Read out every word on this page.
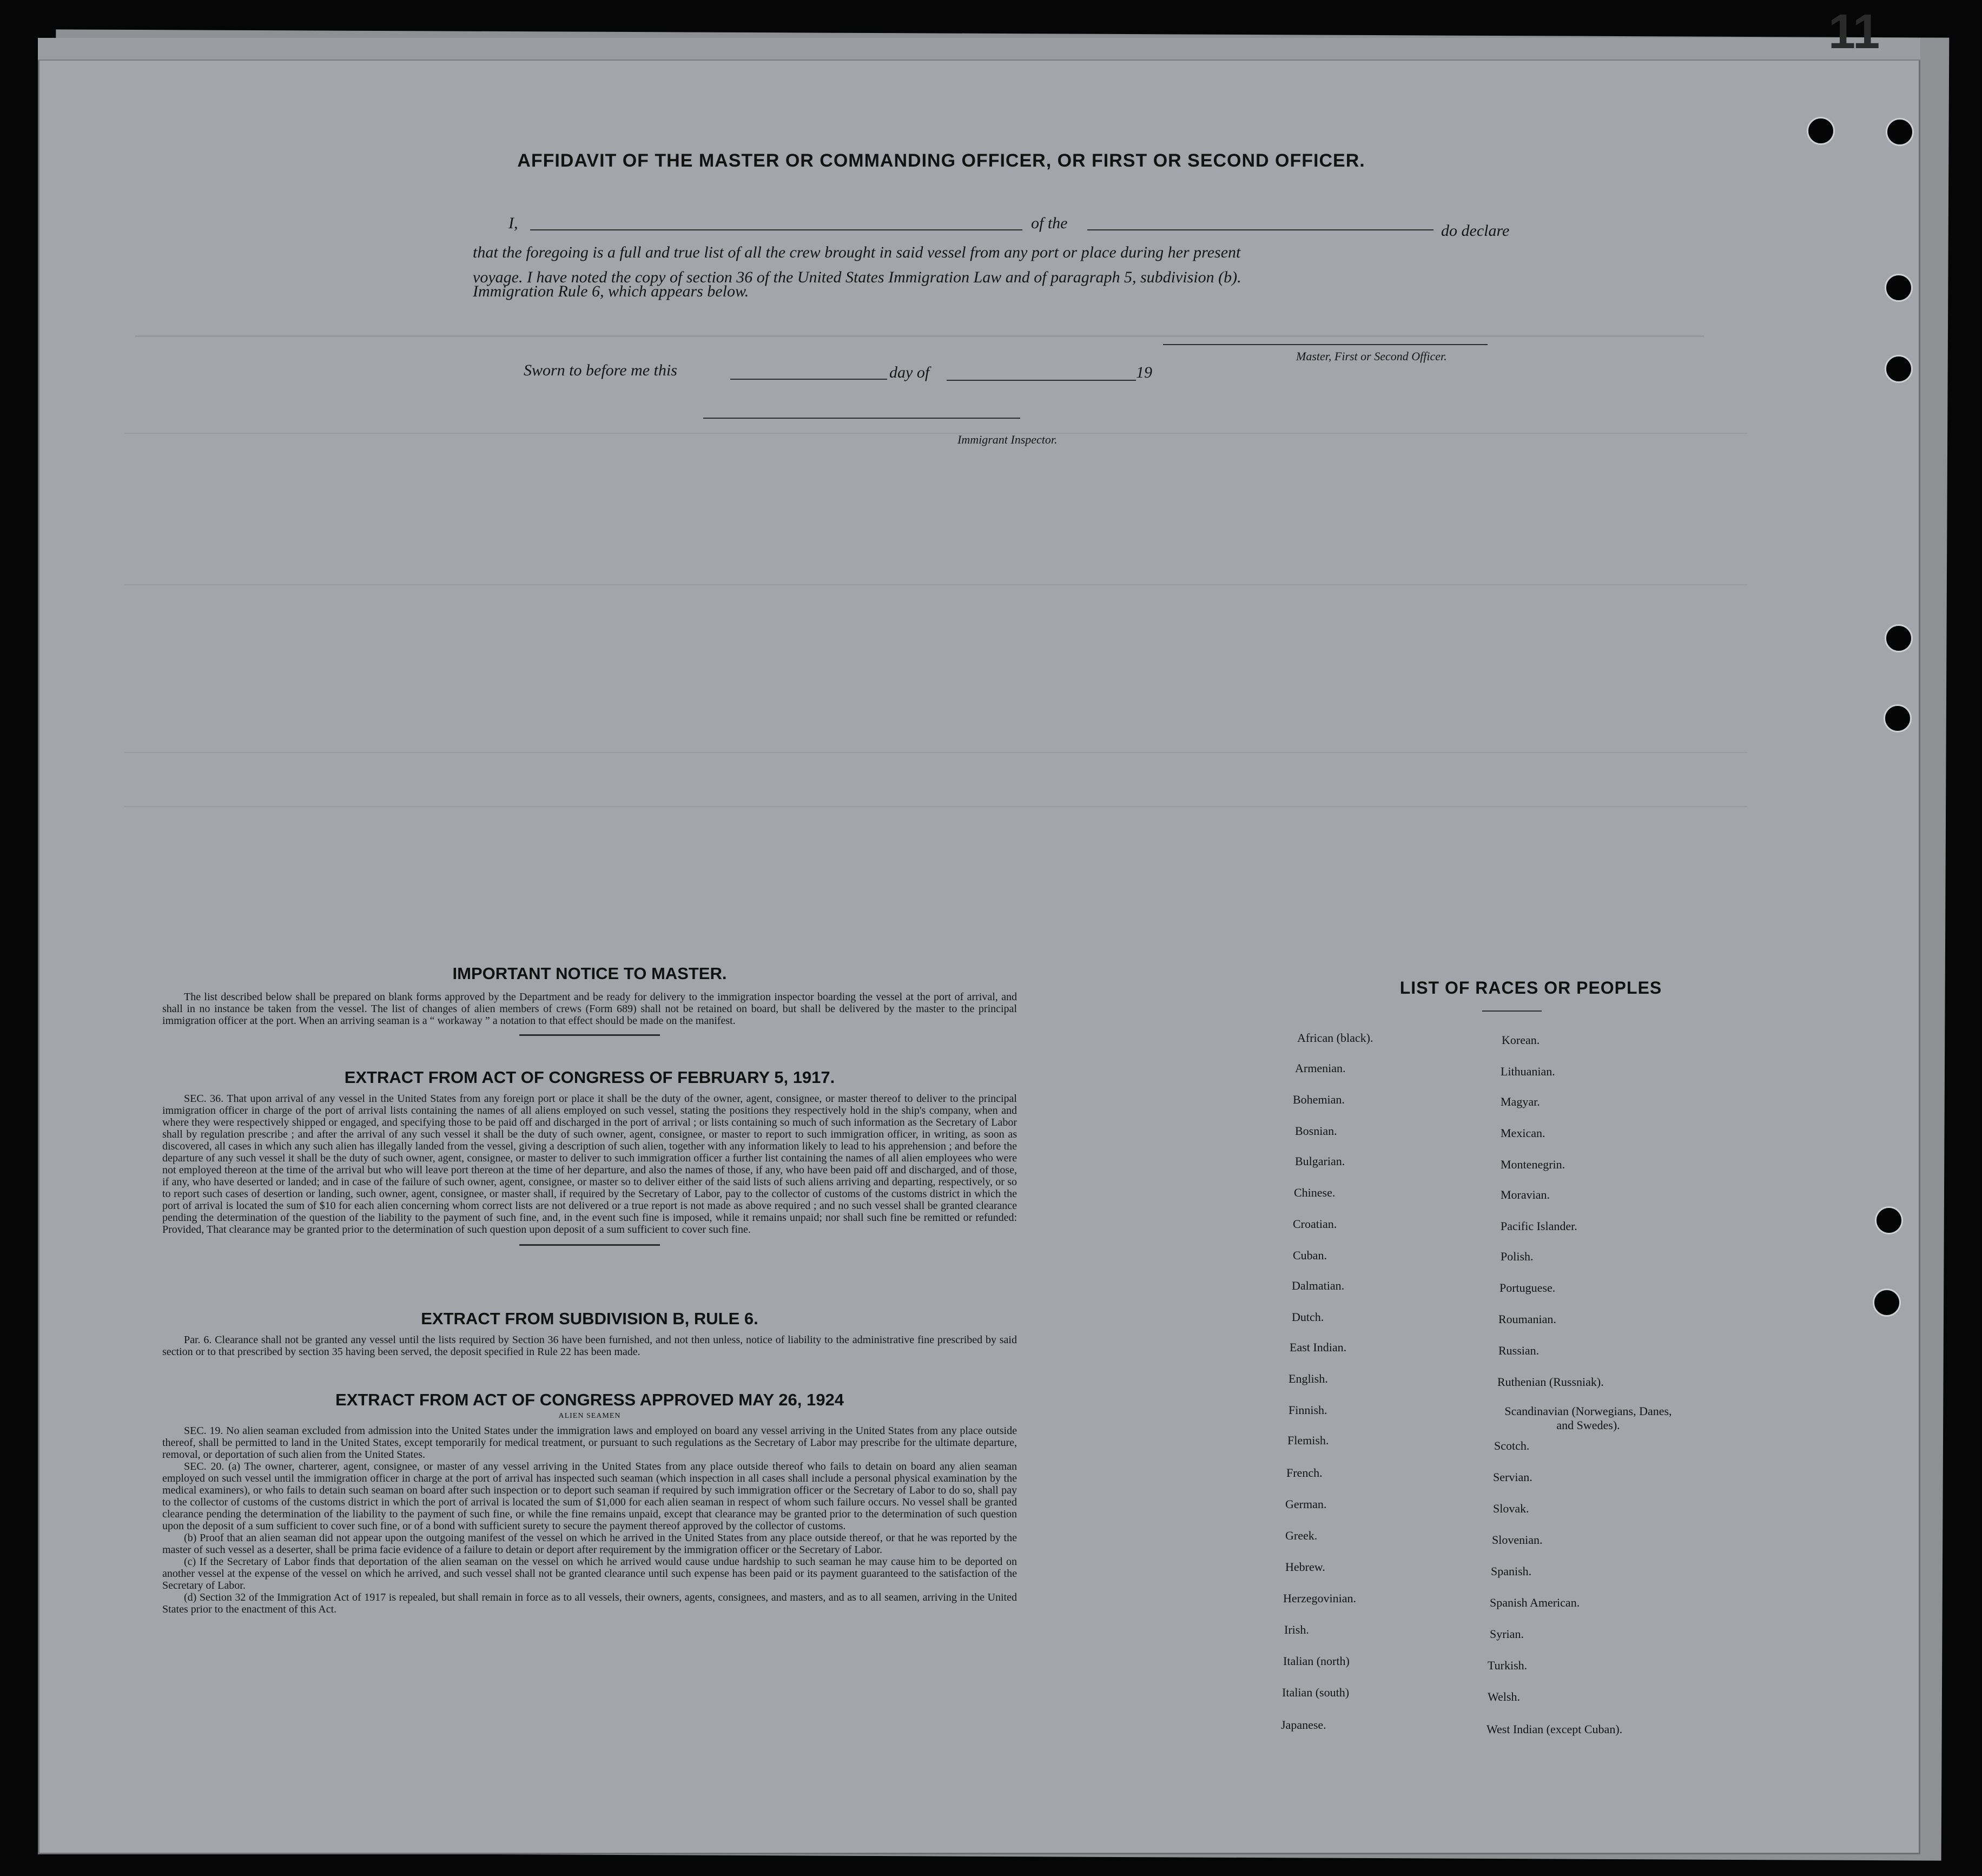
11
AFFIDAVIT OF THE MASTER OR COMMANDING OFFICER, OR FIRST OR SECOND OFFICER.
I,	of the	do declare
that the foregoing is a full and true list of all the crew brought in said vessel from any port or place during her present
voyage. I have noted the copy of section 36 of the United States Immigration Law and of paragraph 5, subdivision (b).
Immigration Rule 6, which appears below.
Master, First or Second Officer.
Sworn to before me this	day of	19
Immigrant Inspector.

IMPORTANT NOTICE TO MASTER.

The list described below shall be prepared on blank forms approved by the Department and be ready for delivery to the immigration inspector boarding the vessel at the port of arrival, and shall in no instance be taken from the vessel. The list of changes of alien members of crews (Form 689) shall not be retained on board, but shall be delivered by the master to the principal immigration officer at the port. When an arriving seaman is a “ workaway ” a notation to that effect should be made on the manifest.

EXTRACT FROM ACT OF CONGRESS OF FEBRUARY 5, 1917.

SEC. 36. That upon arrival of any vessel in the United States from any foreign port or place it shall be the duty of the owner, agent, consignee, or master thereof to deliver to the principal immigration officer in charge of the port of arrival lists containing the names of all aliens employed on such vessel, stating the positions they respectively hold in the ship's company, when and where they were respectively shipped or engaged, and specifying those to be paid off and discharged in the port of arrival ; or lists containing so much of such information as the Secretary of Labor shall by regulation prescribe ; and after the arrival of any such vessel it shall be the duty of such owner, agent, consignee, or master to report to such immigration officer, in writing, as soon as discovered, all cases in which any such alien has illegally landed from the vessel, giving a description of such alien, together with any information likely to lead to his apprehension ; and before the departure of any such vessel it shall be the duty of such owner, agent, consignee, or master to deliver to such immigration officer a further list containing the names of all alien employees who were not employed thereon at the time of the arrival but who will leave port thereon at the time of her departure, and also the names of those, if any, who have been paid off and discharged, and of those, if any, who have deserted or landed; and in case of the failure of such owner, agent, consignee, or master so to deliver either of the said lists of such aliens arriving and departing, respectively, or so to report such cases of desertion or landing, such owner, agent, consignee, or master shall, if required by the Secretary of Labor, pay to the collector of customs of the customs district in which the port of arrival is located the sum of $10 for each alien concerning whom correct lists are not delivered or a true report is not made as above required ; and no such vessel shall be granted clearance pending the determination of the question of the liability to the payment of such fine, and, in the event such fine is imposed, while it remains unpaid; nor shall such fine be remitted or refunded: Provided, That clearance may be granted prior to the determination of such question upon deposit of a sum sufficient to cover such fine.

EXTRACT FROM SUBDIVISION B, RULE 6.

Par. 6. Clearance shall not be granted any vessel until the lists required by Section 36 have been furnished, and not then unless, notice of liability to the administrative fine prescribed by said section or to that prescribed by section 35 having been served, the deposit specified in Rule 22 has been made.

EXTRACT FROM ACT OF CONGRESS APPROVED MAY 26, 1924

ALIEN SEAMEN

SEC. 19. No alien seaman excluded from admission into the United States under the immigration laws and employed on board any vessel arriving in the United States from any place outside thereof, shall be permitted to land in the United States, except temporarily for medical treatment, or pursuant to such regulations as the Secretary of Labor may prescribe for the ultimate departure, removal, or deportation of such alien from the United States.

SEC. 20. (a) The owner, charterer, agent, consignee, or master of any vessel arriving in the United States from any place outside thereof who fails to detain on board any alien seaman employed on such vessel until the immigration officer in charge at the port of arrival has inspected such seaman (which inspection in all cases shall include a personal physical examination by the medical examiners), or who fails to detain such seaman on board after such inspection or to deport such seaman if required by such immigration officer or the Secretary of Labor to do so, shall pay to the collector of customs of the customs district in which the port of arrival is located the sum of $1,000 for each alien seaman in respect of whom such failure occurs. No vessel shall be granted clearance pending the determination of the liability to the payment of such fine, or while the fine remains unpaid, except that clearance may be granted prior to the determination of such question upon the deposit of a sum sufficient to cover such fine, or of a bond with sufficient surety to secure the payment thereof approved by the collector of customs.

(b) Proof that an alien seaman did not appear upon the outgoing manifest of the vessel on which he arrived in the United States from any place outside thereof, or that he was reported by the master of such vessel as a deserter, shall be prima facie evidence of a failure to detain or deport after requirement by the immigration officer or the Secretary of Labor.

(c) If the Secretary of Labor finds that deportation of the alien seaman on the vessel on which he arrived would cause undue hardship to such seaman he may cause him to be deported on another vessel at the expense of the vessel on which he arrived, and such vessel shall not be granted clearance until such expense has been paid or its payment guaranteed to the satisfaction of the Secretary of Labor.

(d) Section 32 of the Immigration Act of 1917 is repealed, but shall remain in force as to all vessels, their owners, agents, consignees, and masters, and as to all seamen, arriving in the United States prior to the enactment of this Act.

LIST OF RACES OR PEOPLES
African (black).
Armenian.
Bohemian.
Bosnian.
Bulgarian.
Chinese.
Croatian.
Cuban.
Dalmatian.
Dutch.
East Indian.
English.
Finnish.
Flemish.
French.
German.
Greek.
Hebrew.
Herzegovinian.
Irish.
Italian (north)
Italian (south)
Japanese.
Korean.
Lithuanian.
Magyar.
Mexican.
Montenegrin.
Moravian.
Pacific Islander.
Polish.
Portuguese.
Roumanian.
Russian.
Ruthenian (Russniak).
Scandinavian (Norwegians, Danes, and Swedes).
Scotch.
Servian.
Slovak.
Slovenian.
Spanish.
Spanish American.
Syrian.
Turkish.
Welsh.
West Indian (except Cuban).
